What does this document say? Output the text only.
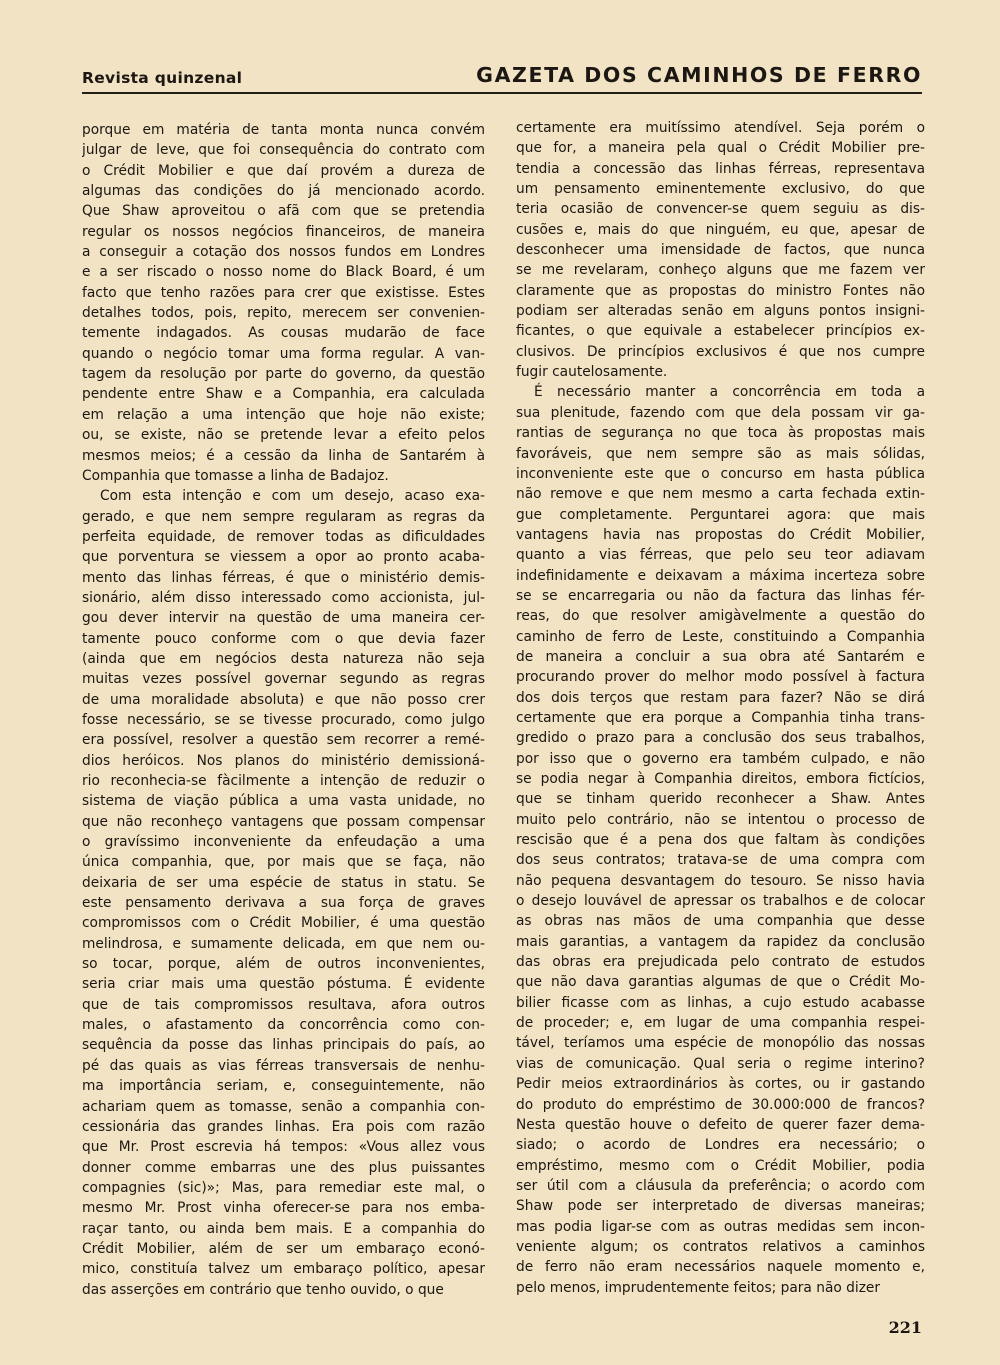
Revista quinzenal	GAZETA DOS CAMINHOS DE FERRO
porque em matéria de tanta monta nunca convém
julgar de leve, que foi consequência do contrato com
o Crédit Mobilier e que daí provém a dureza de
algumas das condições do já mencionado acordo.
Que Shaw aproveitou o afã com que se pretendia
regular os nossos negócios financeiros, de maneira
a conseguir a cotação dos nossos fundos em Londres
e a ser riscado o nosso nome do Black Board, é um
facto que tenho razões para crer que existisse. Estes
detalhes todos, pois, repito, merecem ser convenien-
temente indagados. As cousas mudarão de face
quando o negócio tomar uma forma regular. A van-
tagem da resolução por parte do governo, da questão
pendente entre Shaw e a Companhia, era calculada
em relação a uma intenção que hoje não existe;
ou, se existe, não se pretende levar a efeito pelos
mesmos meios; é a cessão da linha de Santarém à
Companhia que tomasse a linha de Badajoz.
Com esta intenção e com um desejo, acaso exa-
gerado, e que nem sempre regularam as regras da
perfeita equidade, de remover todas as dificuldades
que porventura se viessem a opor ao pronto acaba-
mento das linhas férreas, é que o ministério demis-
sionário, além disso interessado como accionista, jul-
gou dever intervir na questão de uma maneira cer-
tamente pouco conforme com o que devia fazer
(ainda que em negócios desta natureza não seja
muitas vezes possível governar segundo as regras
de uma moralidade absoluta) e que não posso crer
fosse necessário, se se tivesse procurado, como julgo
era possível, resolver a questão sem recorrer a remé-
dios heróicos. Nos planos do ministério demissioná-
rio reconhecia-se fàcilmente a intenção de reduzir o
sistema de viação pública a uma vasta unidade, no
que não reconheço vantagens que possam compensar
o gravíssimo inconveniente da enfeudação a uma
única companhia, que, por mais que se faça, não
deixaria de ser uma espécie de status in statu. Se
este pensamento derivava a sua força de graves
compromissos com o Crédit Mobilier, é uma questão
melindrosa, e sumamente delicada, em que nem ou-
so tocar, porque, além de outros inconvenientes,
seria criar mais uma questão póstuma. É evidente
que de tais compromissos resultava, afora outros
males, o afastamento da concorrência como con-
sequência da posse das linhas principais do país, ao
pé das quais as vias férreas transversais de nenhu-
ma importância seriam, e, conseguintemente, não
achariam quem as tomasse, senão a companhia con-
cessionária das grandes linhas. Era pois com razão
que Mr. Prost escrevia há tempos: «Vous allez vous
donner comme embarras une des plus puissantes
compagnies (sic)»; Mas, para remediar este mal, o
mesmo Mr. Prost vinha oferecer-se para nos emba-
raçar tanto, ou ainda bem mais. E a companhia do
Crédit Mobilier, além de ser um embaraço econó-
mico, constituía talvez um embaraço político, apesar
das asserções em contrário que tenho ouvido, o que
certamente era muitíssimo atendível. Seja porém o
que for, a maneira pela qual o Crédit Mobilier pre-
tendia a concessão das linhas férreas, representava
um pensamento eminentemente exclusivo, do que
teria ocasião de convencer-se quem seguiu as dis-
cusões e, mais do que ninguém, eu que, apesar de
desconhecer uma imensidade de factos, que nunca
se me revelaram, conheço alguns que me fazem ver
claramente que as propostas do ministro Fontes não
podiam ser alteradas senão em alguns pontos insigni-
ficantes, o que equivale a estabelecer princípios ex-
clusivos. De princípios exclusivos é que nos cumpre
fugir cautelosamente.
É necessário manter a concorrência em toda a
sua plenitude, fazendo com que dela possam vir ga-
rantias de segurança no que toca às propostas mais
favoráveis, que nem sempre são as mais sólidas,
inconveniente este que o concurso em hasta pública
não remove e que nem mesmo a carta fechada extin-
gue completamente. Perguntarei agora: que mais
vantagens havia nas propostas do Crédit Mobilier,
quanto a vias férreas, que pelo seu teor adiavam
indefinidamente e deixavam a máxima incerteza sobre
se se encarregaria ou não da factura das linhas fér-
reas, do que resolver amigàvelmente a questão do
caminho de ferro de Leste, constituindo a Companhia
de maneira a concluir a sua obra até Santarém e
procurando prover do melhor modo possível à factura
dos dois terços que restam para fazer? Não se dirá
certamente que era porque a Companhia tinha trans-
gredido o prazo para a conclusão dos seus trabalhos,
por isso que o governo era também culpado, e não
se podia negar à Companhia direitos, embora fictícios,
que se tinham querido reconhecer a Shaw. Antes
muito pelo contrário, não se intentou o processo de
rescisão que é a pena dos que faltam às condições
dos seus contratos; tratava-se de uma compra com
não pequena desvantagem do tesouro. Se nisso havia
o desejo louvável de apressar os trabalhos e de colocar
as obras nas mãos de uma companhia que desse
mais garantias, a vantagem da rapidez da conclusão
das obras era prejudicada pelo contrato de estudos
que não dava garantias algumas de que o Crédit Mo-
bilier ficasse com as linhas, a cujo estudo acabasse
de proceder; e, em lugar de uma companhia respei-
tável, teríamos uma espécie de monopólio das nossas
vias de comunicação. Qual seria o regime interino?
Pedir meios extraordinários às cortes, ou ir gastando
do produto do empréstimo de 30.000:000 de francos?
Nesta questão houve o defeito de querer fazer dema-
siado; o acordo de Londres era necessário; o
empréstimo, mesmo com o Crédit Mobilier, podia
ser útil com a cláusula da preferência; o acordo com
Shaw pode ser interpretado de diversas maneiras;
mas podia ligar-se com as outras medidas sem incon-
veniente algum; os contratos relativos a caminhos
de ferro não eram necessários naquele momento e,
pelo menos, imprudentemente feitos; para não dizer
221
